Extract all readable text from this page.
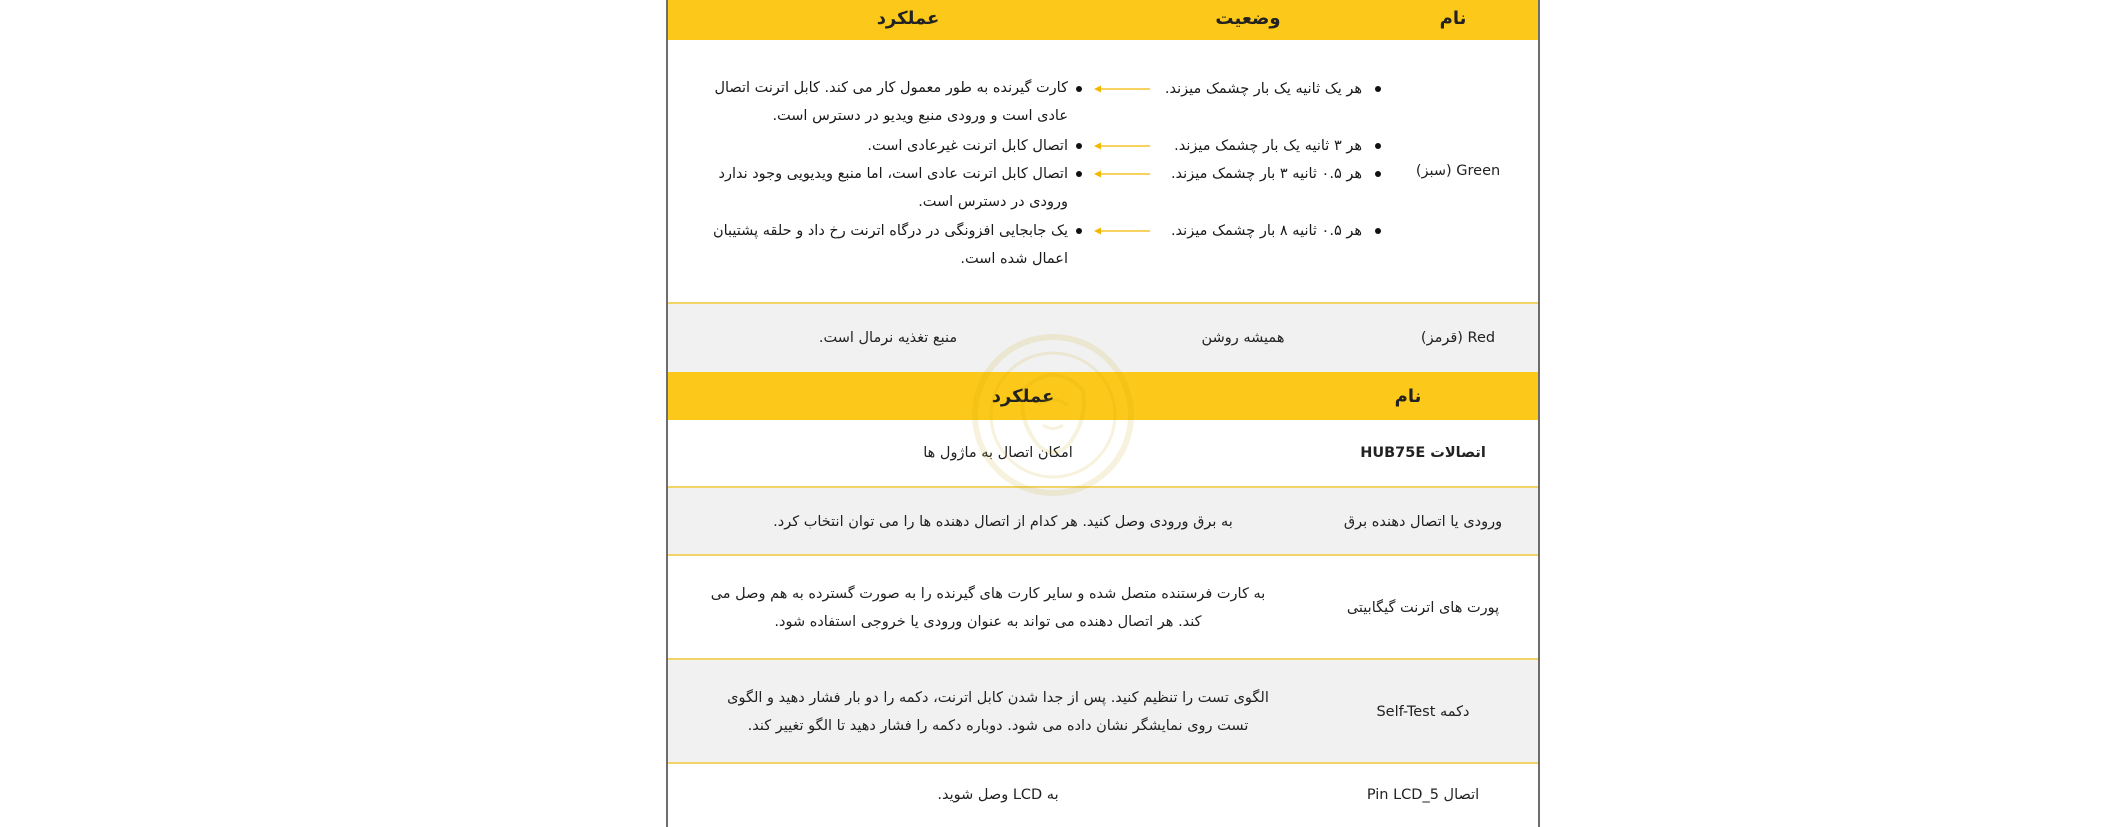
نام
وضعیت
عملکرد
Green (سبز)
هر یک ثانیه یک بار چشمک میزند.
کارت گیرنده به طور معمول کار می کند. کابل اترنت اتصال عادی است و ورودی منبع ویدیو در دسترس است.
هر ۳ ثانیه یک بار چشمک میزند.
اتصال کابل اترنت غیرعادی است.
هر ۰.۵ ثانیه ۳ بار چشمک میزند.
اتصال کابل اترنت عادی است، اما منبع ویدیویی وجود ندارد ورودی در دسترس است.
هر ۰.۵ ثانیه ۸ بار چشمک میزند.
یک جابجایی افزونگی در درگاه اترنت رخ داد و حلقه پشتیبان اعمال شده است.
Red (قرمز)
همیشه روشن
منبع تغذیه نرمال است.
نام
عملکرد
اتصالات HUB75E
امکان اتصال به ماژول ها
ورودی یا اتصال دهنده برق
به برق ورودی وصل کنید. هر کدام از اتصال دهنده ها را می توان انتخاب کرد.
پورت های اترنت گیگابیتی
به کارت فرستنده متصل شده و سایر کارت های گیرنده را به صورت گسترده به هم وصل می کند. هر اتصال دهنده می تواند به عنوان ورودی یا خروجی استفاده شود.
دکمه Self-Test
الگوی تست را تنظیم کنید. پس از جدا شدن کابل اترنت، دکمه را دو بار فشار دهید و الگوی تست روی نمایشگر نشان داده می شود. دوباره دکمه را فشار دهید تا الگو تغییر کند.
اتصال Pin LCD_5
به LCD وصل شوید.
